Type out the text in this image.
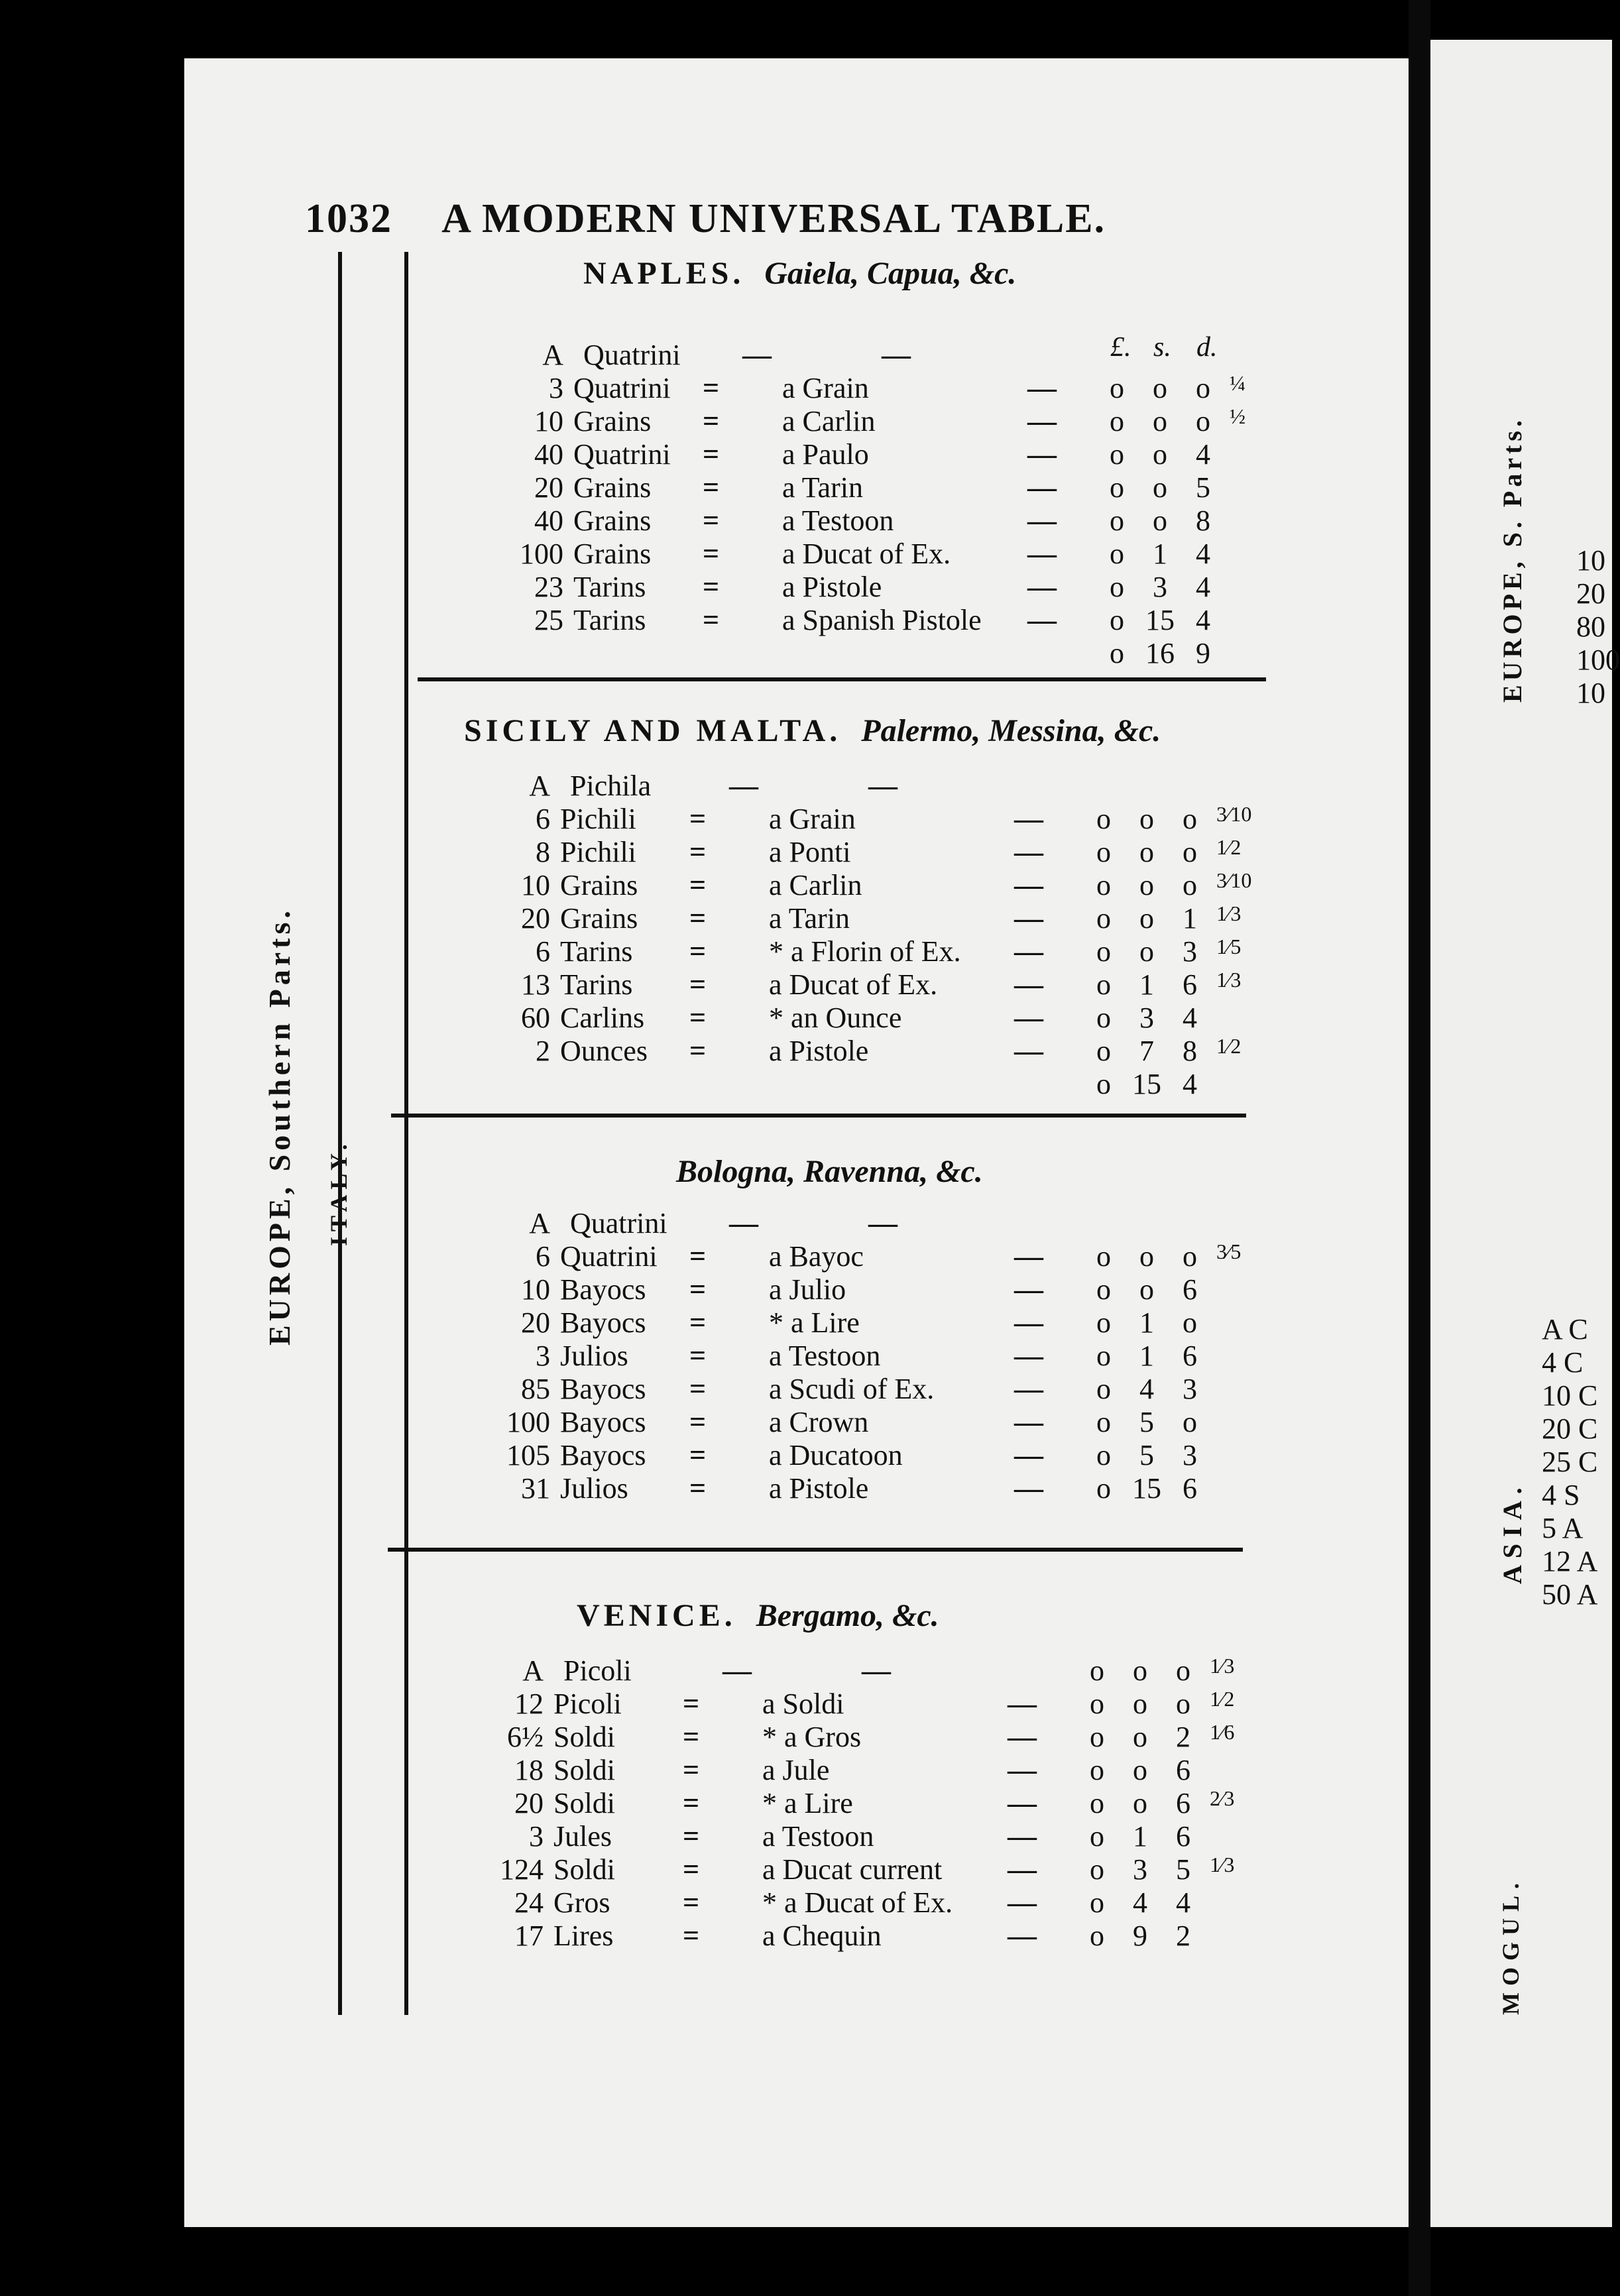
EUROPE, S. Parts.
ASIA.
MOGUL.
A C
4 C
10 C
20 C
25 C
4 S
5 A
12 A
50 A
10
20
80
100
10
1032 A MODERN UNIVERSAL TABLE.
EUROPE, Southern Parts. ITALY.
£. s. d.
NAPLES. Gaiela, Capua, &c.
A Quatrini —	—
3 Quatrini = a Grain	—	o o o ¼
10 Grains = a Carlin	—	o o o ½
40 Quatrini = a Paulo	—	o o 4
20 Grains = a Tarin	—	o o 5
40 Grains = a Testoon	—	o o 8
100 Grains = a Ducat of Ex.	—	o 1 4
23 Tarins = a Pistole	—	o 3 4
25 Tarins = a Spanish Pistole —	o 15 4
o 16 9
SICILY AND MALTA. Palermo, Messina, &c.
A Pichila	—	—
6 Pichili = a Grain	—	o o o 3⁄10
8 Pichili = a Ponti	—	o o o 1⁄2
10 Grains = a Carlin	—	o o o 3⁄10
20 Grains = a Tarin	—	o o 1 1⁄3
6 Tarins = * a Florin of Ex. —	o o 3 1⁄5
13 Tarins = a Ducat of Ex.	—	o 1 6 1⁄3
60 Carlins = * an Ounce	—	o 3 4
2 Ounces = a Pistole	—	o 7 8 1⁄2
o 15 4
Bologna, Ravenna, &c.
A Quatrini —	—
6 Quatrini = a Bayoc	—	o o o 3⁄5
10 Bayocs = a Julio	—	o o 6
20 Bayocs = * a Lire	—	o 1 o
3 Julios = a Testoon	—	o 1 6
85 Bayocs = a Scudi of Ex.	—	o 4 3
100 Bayocs = a Crown	—	o 5 o
105 Bayocs = a Ducatoon	—	o 5 3
31 Julios = a Pistole	—	o 15 6
VENICE. Bergamo, &c.
A Picoli	—	—	o o o 1⁄3
12 Picoli = a Soldi	—	o o o 1⁄2
6½ Soldi = * a Gros	—	o o 2 1⁄6
18 Soldi = a Jule	—	o o 6
20 Soldi = * a Lire	—	o o 6 2⁄3
3 Jules = a Testoon	—	o 1 6
124 Soldi = a Ducat current —	o 3 5 1⁄3
24 Gros = * a Ducat of Ex. —	o 4 4
17 Lires = a Chequin	—	o 9 2
